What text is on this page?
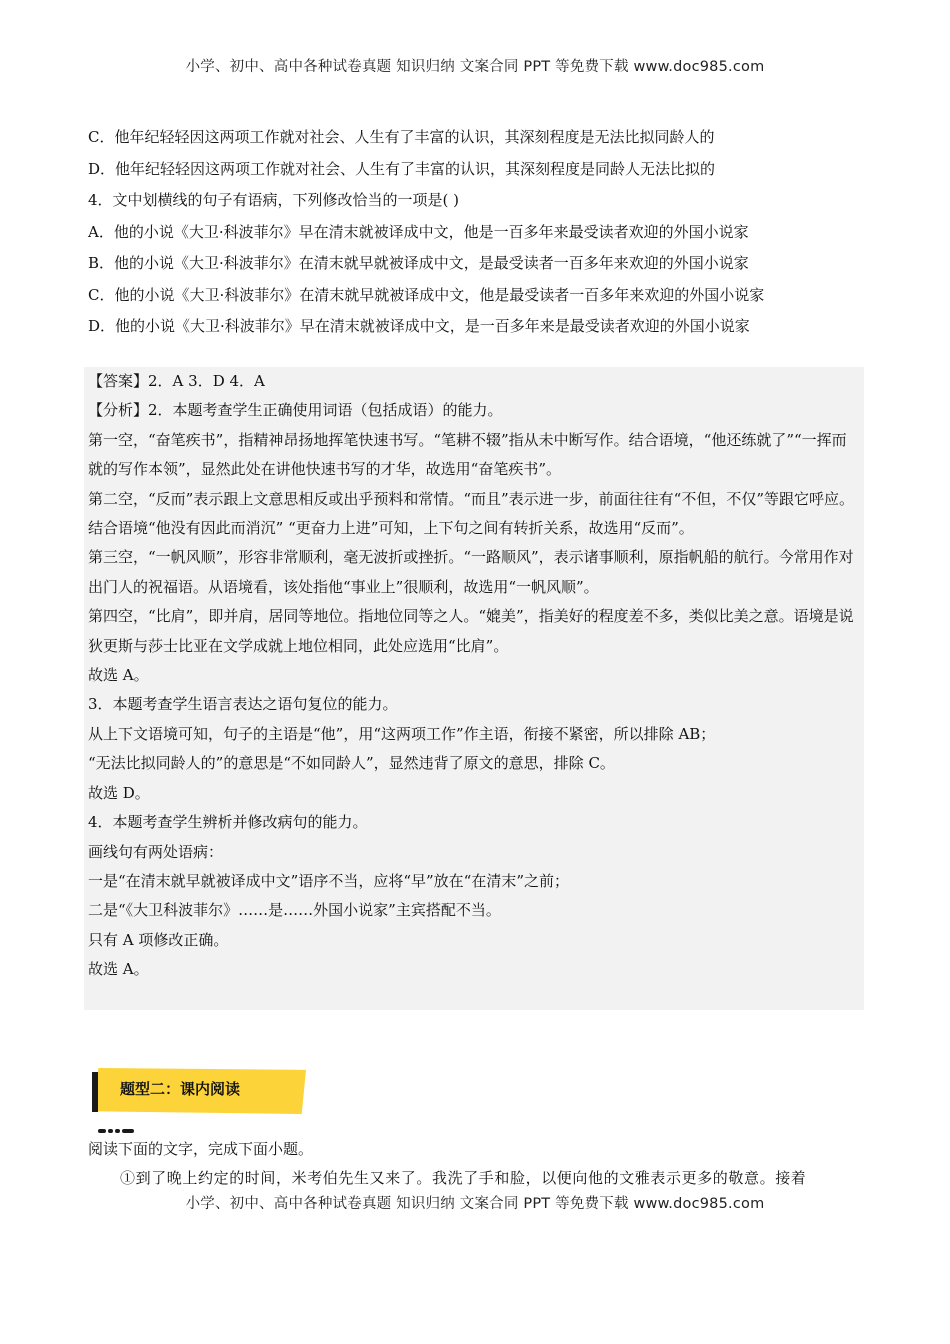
小学、初中、高中各种试卷真题 知识归纳 文案合同 PPT 等免费下载 www.doc985.com
C．他年纪轻轻因这两项工作就对社会、人生有了丰富的认识，其深刻程度是无法比拟同龄人的
D．他年纪轻轻因这两项工作就对社会、人生有了丰富的认识，其深刻程度是同龄人无法比拟的
4．文中划横线的句子有语病，下列修改恰当的一项是( )
A．他的小说《大卫·科波菲尔》早在清末就被译成中文，他是一百多年来最受读者欢迎的外国小说家
B．他的小说《大卫·科波菲尔》在清末就早就被译成中文，是最受读者一百多年来欢迎的外国小说家
C．他的小说《大卫·科波菲尔》在清末就早就被译成中文，他是最受读者一百多年来欢迎的外国小说家
D．他的小说《大卫·科波菲尔》早在清末就被译成中文，是一百多年来是最受读者欢迎的外国小说家
【答案】2．A 3．D 4．A
【分析】2．本题考查学生正确使用词语（包括成语）的能力。
第一空，“奋笔疾书”，指精神昂扬地挥笔快速书写。“笔耕不辍”指从未中断写作。结合语境，“他还练就了”“一挥而就的写作本领”，显然此处在讲他快速书写的才华，故选用“奋笔疾书”。
第二空，“反而”表示跟上文意思相反或出乎预料和常情。“而且”表示进一步，前面往往有“不但，不仅”等跟它呼应。结合语境“他没有因此而消沉” “更奋力上进”可知，上下句之间有转折关系，故选用“反而”。
第三空，“一帆风顺”，形容非常顺利，毫无波折或挫折。“一路顺风”，表示诸事顺利，原指帆船的航行。今常用作对出门人的祝福语。从语境看，该处指他“事业上”很顺利，故选用“一帆风顺”。
第四空，“比肩”，即并肩，居同等地位。指地位同等之人。“媲美”，指美好的程度差不多，类似比美之意。语境是说狄更斯与莎士比亚在文学成就上地位相同，此处应选用“比肩”。
故选 A。
3．本题考查学生语言表达之语句复位的能力。
从上下文语境可知，句子的主语是“他”，用“这两项工作”作主语，衔接不紧密，所以排除 AB；
“无法比拟同龄人的”的意思是“不如同龄人”，显然违背了原文的意思，排除 C。
故选 D。
4．本题考查学生辨析并修改病句的能力。
画线句有两处语病：
一是“在清末就早就被译成中文”语序不当，应将“早”放在“在清末”之前；
二是“《大卫科波菲尔》……是……外国小说家”主宾搭配不当。
只有 A 项修改正确。
故选 A。
题型二：课内阅读
阅读下面的文字，完成下面小题。
①到了晚上约定的时间，米考伯先生又来了。我洗了手和脸，以便向他的文雅表示更多的敬意。接着
小学、初中、高中各种试卷真题 知识归纳 文案合同 PPT 等免费下载 www.doc985.com
